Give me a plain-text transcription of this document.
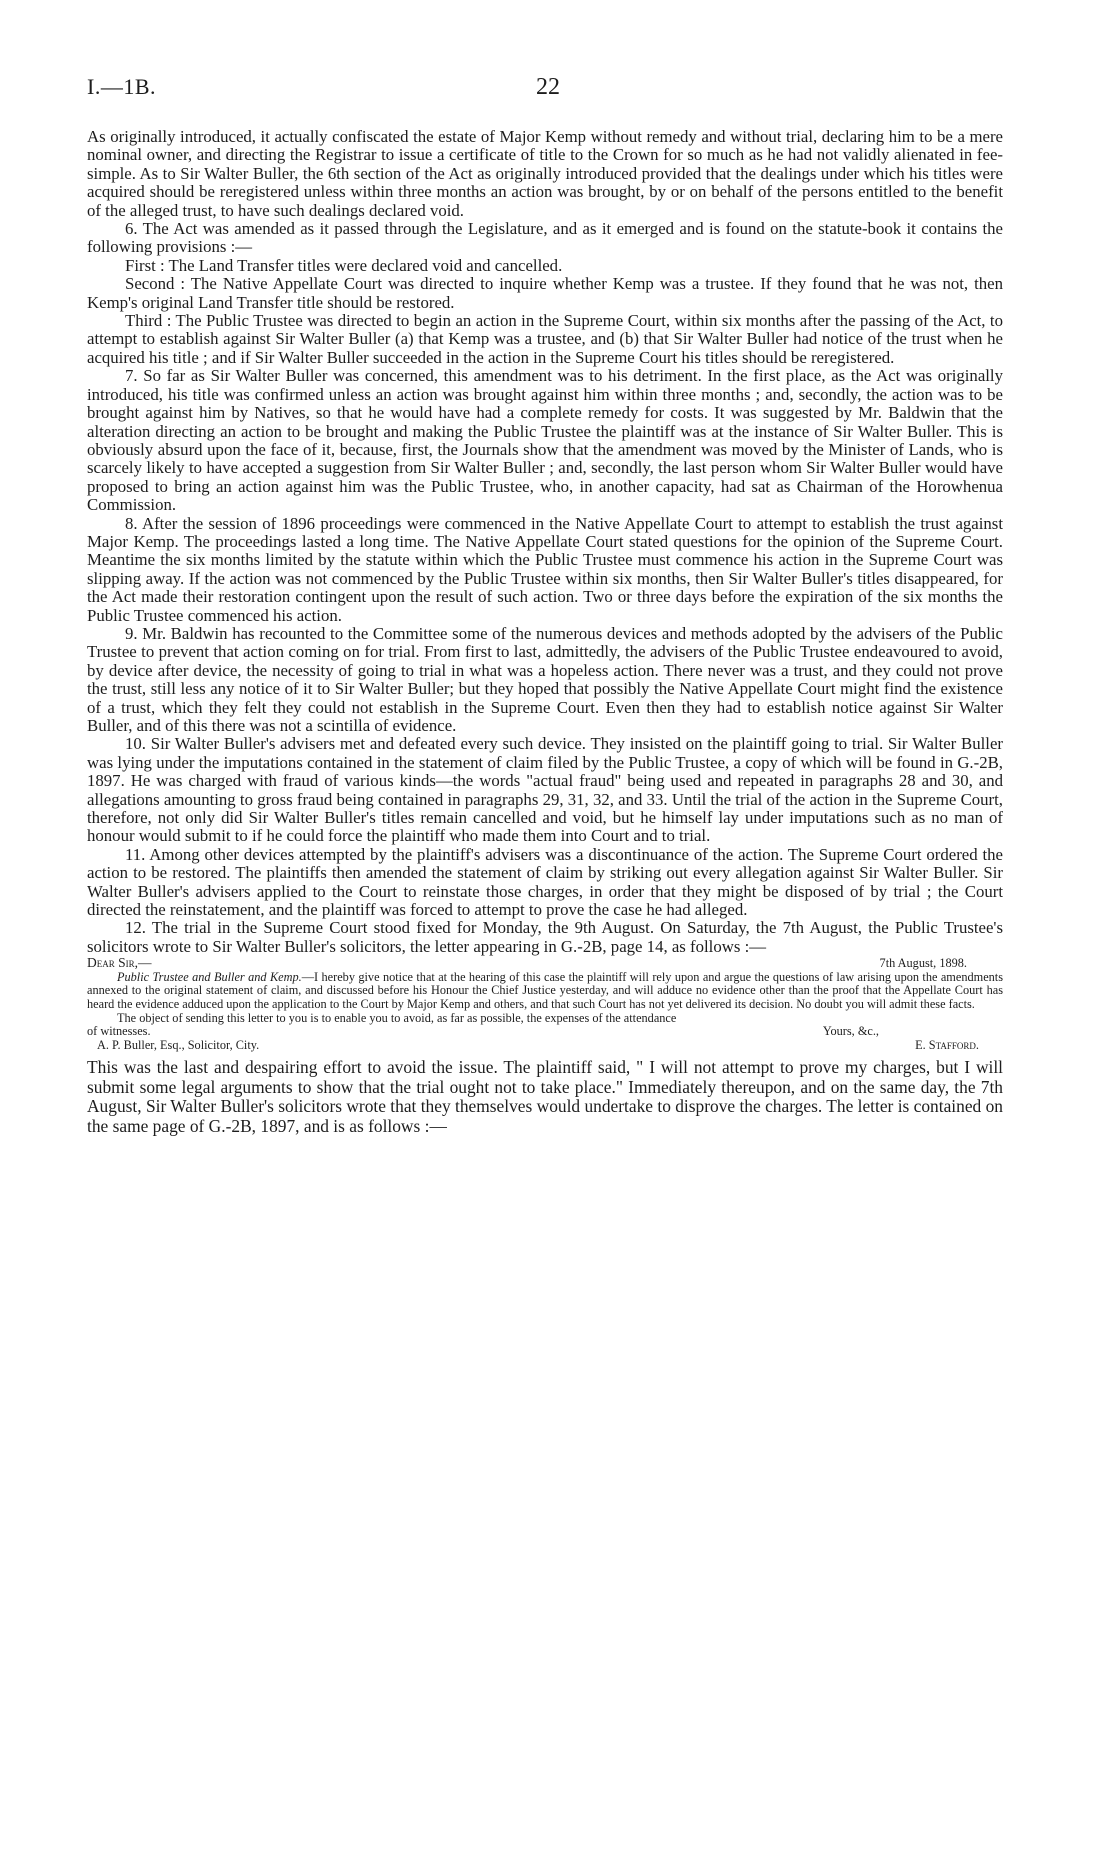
I.—1B.	22

As originally introduced, it actually confiscated the estate of Major Kemp without remedy and without trial, declaring him to be a mere nominal owner, and directing the Registrar to issue a certificate of title to the Crown for so much as he had not validly alienated in fee-simple. As to Sir Walter Buller, the 6th section of the Act as originally introduced provided that the dealings under which his titles were acquired should be reregistered unless within three months an action was brought, by or on behalf of the persons entitled to the benefit of the alleged trust, to have such dealings declared void.

6. The Act was amended as it passed through the Legislature, and as it emerged and is found on the statute-book it contains the following provisions :—

First : The Land Transfer titles were declared void and cancelled.

Second : The Native Appellate Court was directed to inquire whether Kemp was a trustee. If they found that he was not, then Kemp's original Land Transfer title should be restored.

Third : The Public Trustee was directed to begin an action in the Supreme Court, within six months after the passing of the Act, to attempt to establish against Sir Walter Buller (a) that Kemp was a trustee, and (b) that Sir Walter Buller had notice of the trust when he acquired his title ; and if Sir Walter Buller succeeded in the action in the Supreme Court his titles should be reregistered.

7. So far as Sir Walter Buller was concerned, this amendment was to his detriment. In the first place, as the Act was originally introduced, his title was confirmed unless an action was brought against him within three months ; and, secondly, the action was to be brought against him by Natives, so that he would have had a complete remedy for costs. It was suggested by Mr. Baldwin that the alteration directing an action to be brought and making the Public Trustee the plaintiff was at the instance of Sir Walter Buller. This is obviously absurd upon the face of it, because, first, the Journals show that the amendment was moved by the Minister of Lands, who is scarcely likely to have accepted a suggestion from Sir Walter Buller ; and, secondly, the last person whom Sir Walter Buller would have proposed to bring an action against him was the Public Trustee, who, in another capacity, had sat as Chairman of the Horowhenua Commission.

8. After the session of 1896 proceedings were commenced in the Native Appellate Court to attempt to establish the trust against Major Kemp. The proceedings lasted a long time. The Native Appellate Court stated questions for the opinion of the Supreme Court. Meantime the six months limited by the statute within which the Public Trustee must commence his action in the Supreme Court was slipping away. If the action was not commenced by the Public Trustee within six months, then Sir Walter Buller's titles disappeared, for the Act made their restoration contingent upon the result of such action. Two or three days before the expiration of the six months the Public Trustee commenced his action.

9. Mr. Baldwin has recounted to the Committee some of the numerous devices and methods adopted by the advisers of the Public Trustee to prevent that action coming on for trial. From first to last, admittedly, the advisers of the Public Trustee endeavoured to avoid, by device after device, the necessity of going to trial in what was a hopeless action. There never was a trust, and they could not prove the trust, still less any notice of it to Sir Walter Buller; but they hoped that possibly the Native Appellate Court might find the existence of a trust, which they felt they could not establish in the Supreme Court. Even then they had to establish notice against Sir Walter Buller, and of this there was not a scintilla of evidence.

10. Sir Walter Buller's advisers met and defeated every such device. They insisted on the plaintiff going to trial. Sir Walter Buller was lying under the imputations contained in the statement of claim filed by the Public Trustee, a copy of which will be found in G.-2B, 1897. He was charged with fraud of various kinds—the words "actual fraud" being used and repeated in paragraphs 28 and 30, and allegations amounting to gross fraud being contained in paragraphs 29, 31, 32, and 33. Until the trial of the action in the Supreme Court, therefore, not only did Sir Walter Buller's titles remain cancelled and void, but he himself lay under imputations such as no man of honour would submit to if he could force the plaintiff who made them into Court and to trial.

11. Among other devices attempted by the plaintiff's advisers was a discontinuance of the action. The Supreme Court ordered the action to be restored. The plaintiffs then amended the statement of claim by striking out every allegation against Sir Walter Buller. Sir Walter Buller's advisers applied to the Court to reinstate those charges, in order that they might be disposed of by trial ; the Court directed the reinstatement, and the plaintiff was forced to attempt to prove the case he had alleged.

12. The trial in the Supreme Court stood fixed for Monday, the 9th August. On Saturday, the 7th August, the Public Trustee's solicitors wrote to Sir Walter Buller's solicitors, the letter appearing in G.-2B, page 14, as follows :—

Dear Sir,—	7th August, 1898.

Public Trustee and Buller and Kemp.—I hereby give notice that at the hearing of this case the plaintiff will rely upon and argue the questions of law arising upon the amendments annexed to the original statement of claim, and discussed before his Honour the Chief Justice yesterday, and will adduce no evidence other than the proof that the Appellate Court has heard the evidence adduced upon the application to the Court by Major Kemp and others, and that such Court has not yet delivered its decision. No doubt you will admit these facts.

The object of sending this letter to you is to enable you to avoid, as far as possible, the expenses of the attendance

of witnesses.	Yours, &c.,
A. P. Buller, Esq., Solicitor, City.	E. Stafford.

This was the last and despairing effort to avoid the issue. The plaintiff said, " I will not attempt to prove my charges, but I will submit some legal arguments to show that the trial ought not to take place." Immediately thereupon, and on the same day, the 7th August, Sir Walter Buller's solicitors wrote that they themselves would undertake to disprove the charges. The letter is contained on the same page of G.-2B, 1897, and is as follows :—
